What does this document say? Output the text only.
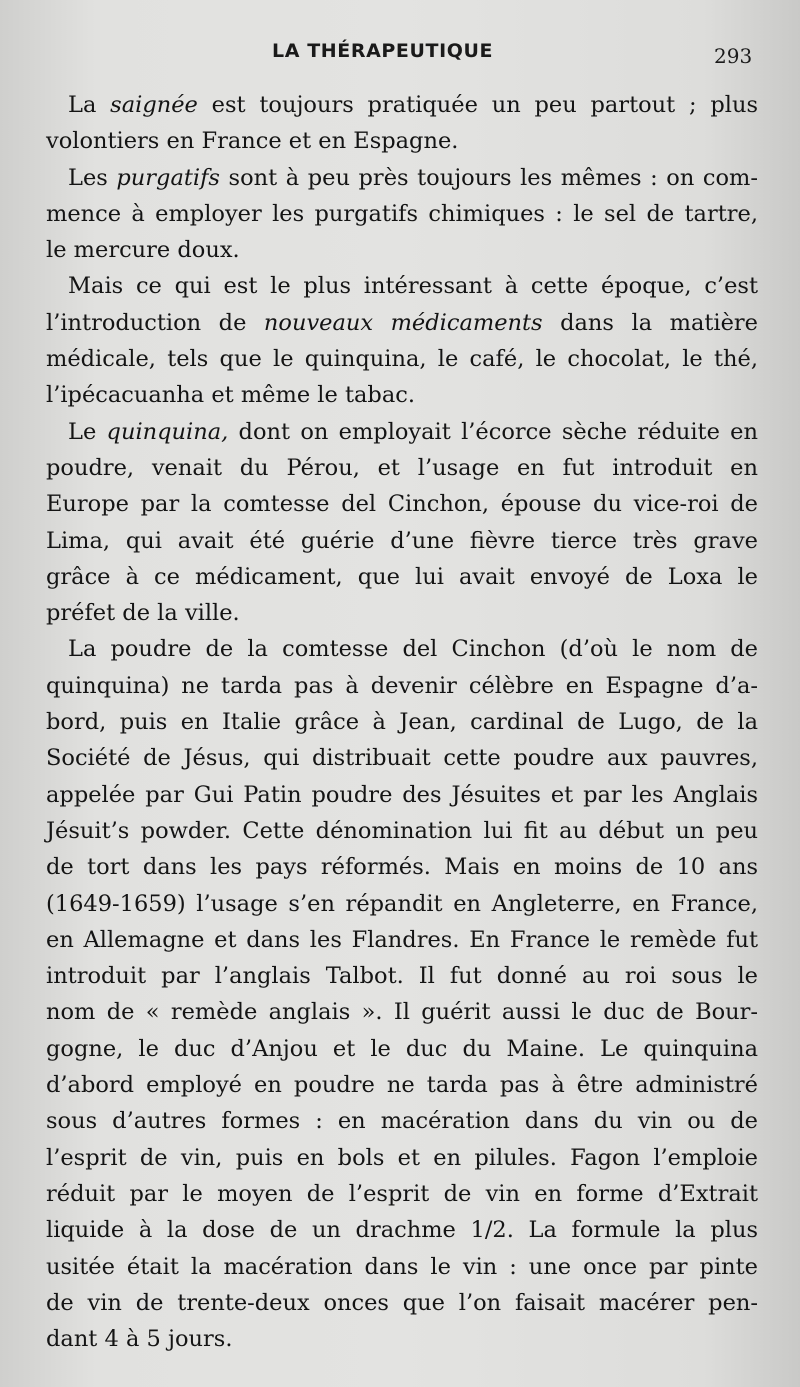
LA THÉRAPEUTIQUE	293
La saignée est toujours pratiquée un peu partout ; plus
volontiers en France et en Espagne.
Les purgatifs sont à peu près toujours les mêmes : on com-
mence à employer les purgatifs chimiques : le sel de tartre,
le mercure doux.
Mais ce qui est le plus intéressant à cette époque, c’est
l’introduction de nouveaux médicaments dans la matière
médicale, tels que le quinquina, le café, le chocolat, le thé,
l’ipécacuanha et même le tabac.
Le quinquina, dont on employait l’écorce sèche réduite en
poudre, venait du Pérou, et l’usage en fut introduit en
Europe par la comtesse del Cinchon, épouse du vice-roi de
Lima, qui avait été guérie d’une fièvre tierce très grave
grâce à ce médicament, que lui avait envoyé de Loxa le
préfet de la ville.
La poudre de la comtesse del Cinchon (d’où le nom de
quinquina) ne tarda pas à devenir célèbre en Espagne d’a-
bord, puis en Italie grâce à Jean, cardinal de Lugo, de la
Société de Jésus, qui distribuait cette poudre aux pauvres,
appelée par Gui Patin poudre des Jésuites et par les Anglais
Jésuit’s powder. Cette dénomination lui fit au début un peu
de tort dans les pays réformés. Mais en moins de 10 ans
(1649-1659) l’usage s’en répandit en Angleterre, en France,
en Allemagne et dans les Flandres. En France le remède fut
introduit par l’anglais Talbot. Il fut donné au roi sous le
nom de « remède anglais ». Il guérit aussi le duc de Bour-
gogne, le duc d’Anjou et le duc du Maine. Le quinquina
d’abord employé en poudre ne tarda pas à être administré
sous d’autres formes : en macération dans du vin ou de
l’esprit de vin, puis en bols et en pilules. Fagon l’emploie
réduit par le moyen de l’esprit de vin en forme d’Extrait
liquide à la dose de un drachme 1/2. La formule la plus
usitée était la macération dans le vin : une once par pinte
de vin de trente-deux onces que l’on faisait macérer pen-
dant 4 à 5 jours.
